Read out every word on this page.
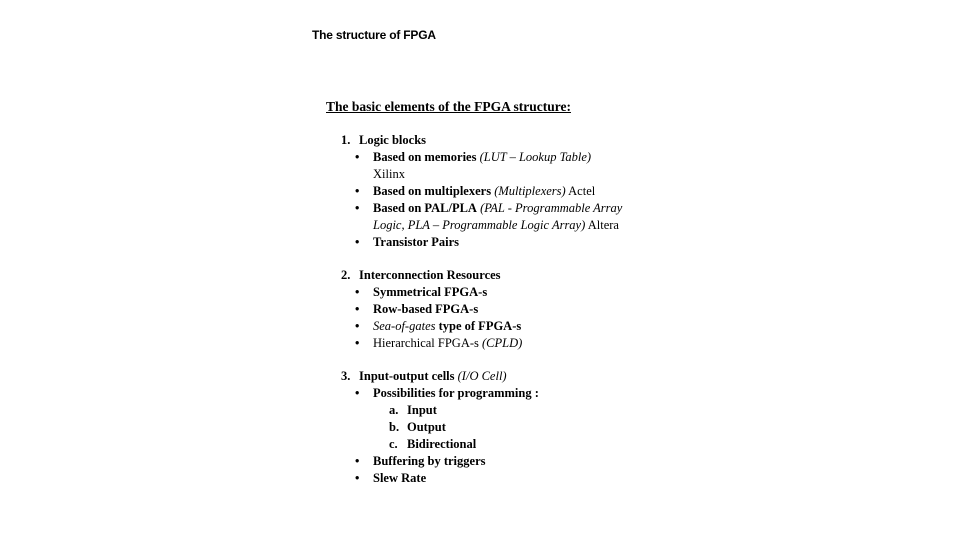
The structure of FPGA
The basic elements of the FPGA structure:
1. Logic blocks
• Based on memories (LUT – Lookup Table) Xilinx
• Based on multiplexers (Multiplexers) Actel
• Based on PAL/PLA (PAL - Programmable Array Logic, PLA – Programmable Logic Array) Altera
• Transistor Pairs
2. Interconnection Resources
• Symmetrical FPGA-s
• Row-based FPGA-s
• Sea-of-gates type of FPGA-s
• Hierarchical FPGA-s (CPLD)
3. Input-output cells (I/O Cell)
• Possibilities for programming :
a. Input
b. Output
c. Bidirectional
• Buffering by triggers
• Slew Rate
